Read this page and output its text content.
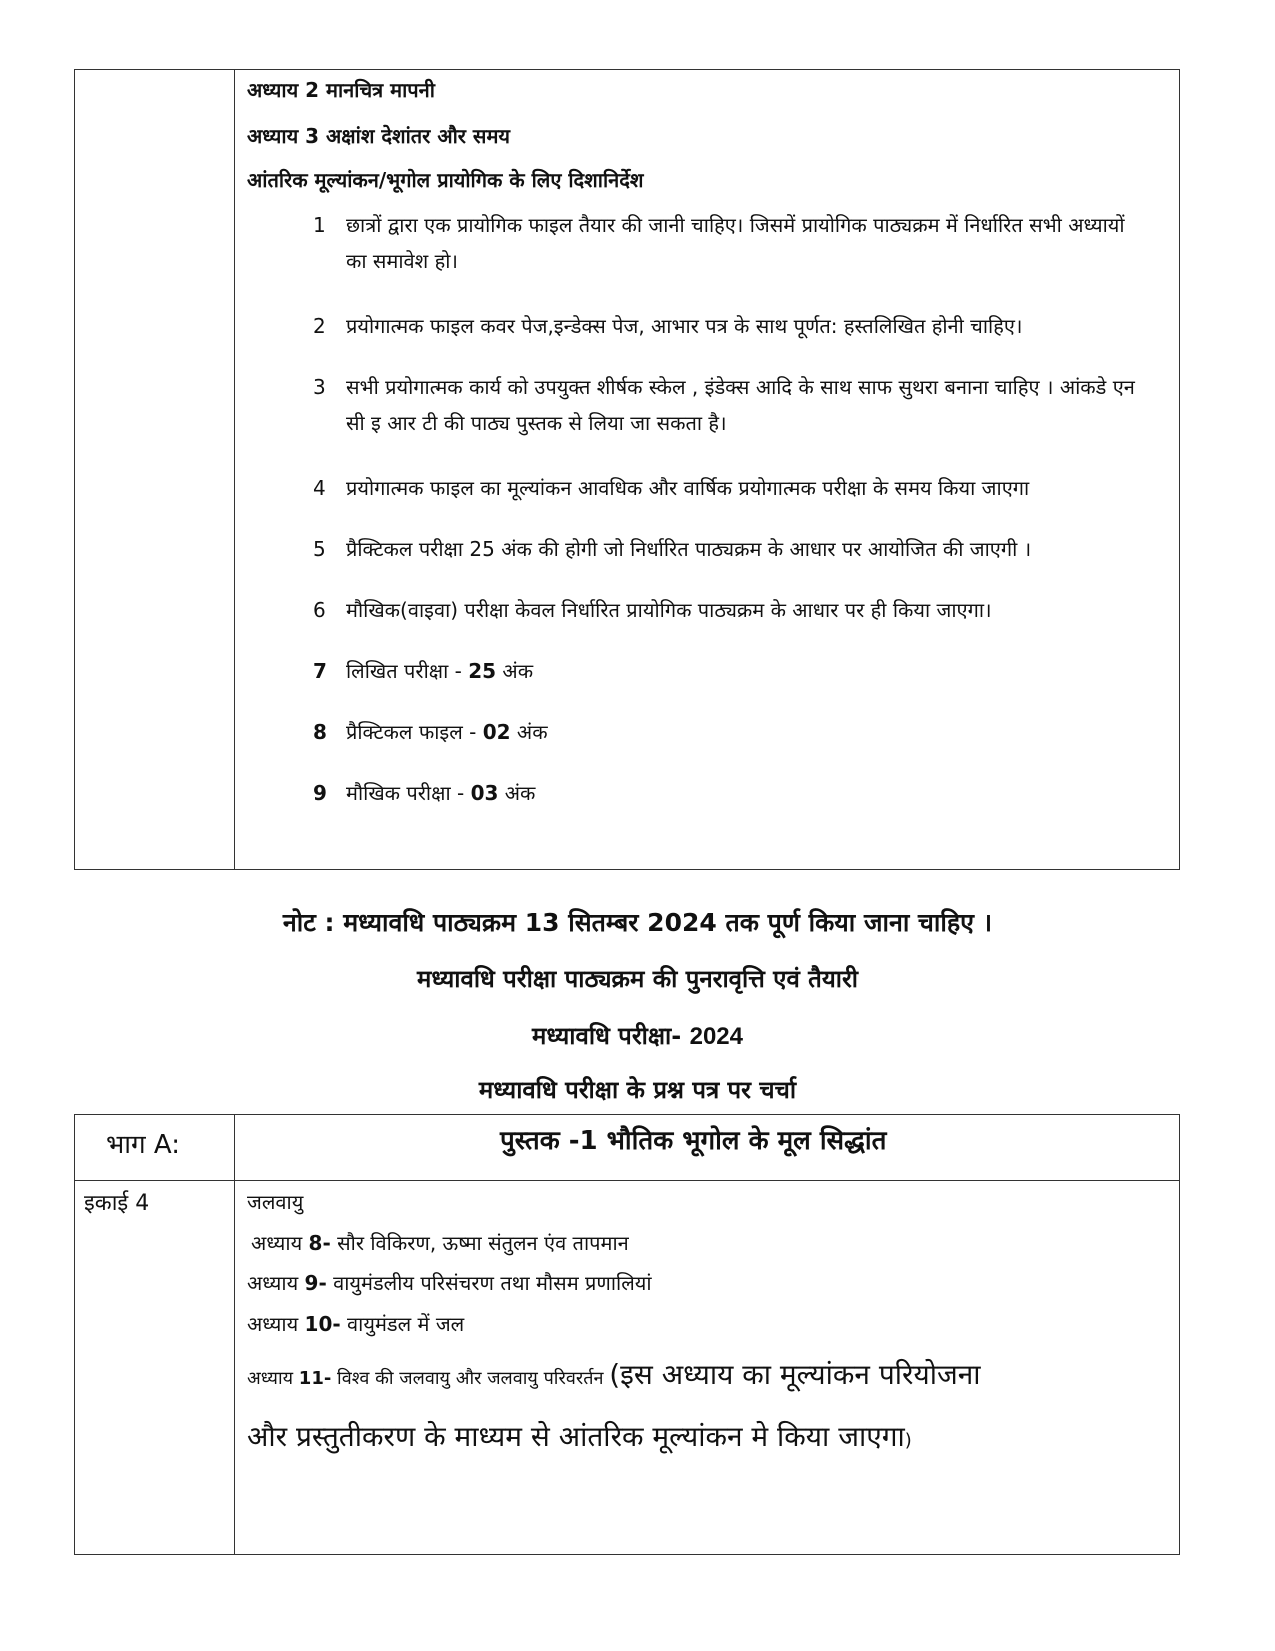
अध्याय 2 मानचित्र मापनी
अध्याय 3 अक्षांश देशांतर और समय
आंतरिक मूल्यांकन/भूगोल प्रायोगिक के लिए दिशानिर्देश
1	छात्रों द्वारा एक प्रायोगिक फाइल तैयार की जानी चाहिए। जिसमें प्रायोगिक पाठ्यक्रम में निर्धारित सभी अध्यायों का समावेश हो।
2	प्रयोगात्मक फाइल कवर पेज,इन्डेक्स पेज, आभार पत्र के साथ पूर्णत: हस्तलिखित होनी चाहिए।
3	सभी प्रयोगात्मक कार्य को उपयुक्त शीर्षक स्केल , इंडेक्स आदि के साथ साफ सुथरा बनाना चाहिए । आंकडे एन सी इ आर टी की पाठ्य पुस्तक से लिया जा सकता है।
4	प्रयोगात्मक फाइल का मूल्यांकन आवधिक और वार्षिक प्रयोगात्मक परीक्षा के समय किया जाएगा
5	प्रैक्टिकल परीक्षा 25 अंक की होगी जो निर्धारित पाठ्यक्रम के आधार पर आयोजित की जाएगी ।
6	मौखिक(वाइवा) परीक्षा केवल निर्धारित प्रायोगिक पाठ्यक्रम के आधार पर ही किया जाएगा।
7 लिखित परीक्षा - 25 अंक
8 प्रैक्टिकल फाइल - 02 अंक
9 मौखिक परीक्षा - 03 अंक
नोट : मध्यावधि पाठ्यक्रम 13 सितम्बर 2024 तक पूर्ण किया जाना चाहिए ।
मध्यावधि परीक्षा पाठ्यक्रम की पुनरावृत्ति एवं तैयारी
मध्यावधि परीक्षा- 2024
मध्यावधि परीक्षा के प्रश्न पत्र पर चर्चा
भाग A:	पुस्तक -1 भौतिक भूगोल के मूल सिद्धांत
इकाई 4	जलवायु
अध्याय 8- सौर विकिरण, ऊष्मा संतुलन एंव तापमान
अध्याय 9- वायुमंडलीय परिसंचरण तथा मौसम प्रणालियां
अध्याय 10- वायुमंडल में जल
अध्याय 11- विश्व की जलवायु और जलवायु परिवरर्तन (इस अध्याय का मूल्यांकन परियोजना
और प्रस्तुतीकरण के माध्यम से आंतरिक मूल्यांकन मे किया जाएगा)
